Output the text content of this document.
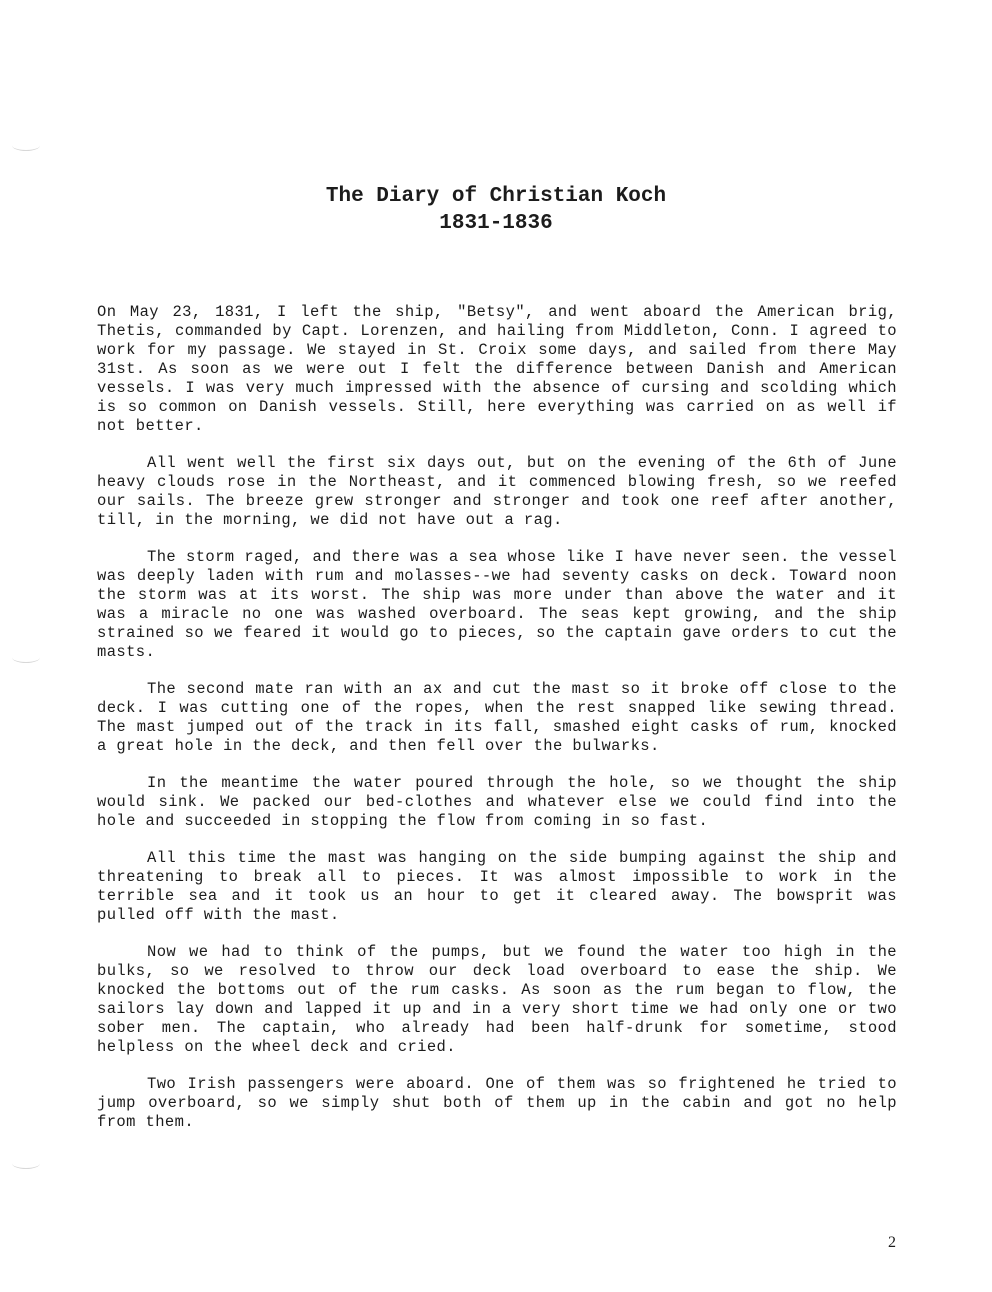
The Diary of Christian Koch
1831-1836

On May 23, 1831, I left the ship, "Betsy", and went aboard the American brig, Thetis, commanded by Capt. Lorenzen, and hailing from Middleton, Conn. I agreed to work for my passage. We stayed in St. Croix some days, and sailed from there May 31st. As soon as we were out I felt the difference between Danish and American vessels. I was very much impressed with the absence of cursing and scolding which is so common on Danish vessels. Still, here everything was carried on as well if not better.

All went well the first six days out, but on the evening of the 6th of June heavy clouds rose in the Northeast, and it commenced blowing fresh, so we reefed our sails. The breeze grew stronger and stronger and took one reef after another, till, in the morning, we did not have out a rag.

The storm raged, and there was a sea whose like I have never seen. the vessel was deeply laden with rum and molasses--we had seventy casks on deck. Toward noon the storm was at its worst. The ship was more under than above the water and it was a miracle no one was washed overboard. The seas kept growing, and the ship strained so we feared it would go to pieces, so the captain gave orders to cut the masts.

The second mate ran with an ax and cut the mast so it broke off close to the deck. I was cutting one of the ropes, when the rest snapped like sewing thread. The mast jumped out of the track in its fall, smashed eight casks of rum, knocked a great hole in the deck, and then fell over the bulwarks.

In the meantime the water poured through the hole, so we thought the ship would sink. We packed our bed-clothes and whatever else we could find into the hole and succeeded in stopping the flow from coming in so fast.

All this time the mast was hanging on the side bumping against the ship and threatening to break all to pieces. It was almost impossible to work in the terrible sea and it took us an hour to get it cleared away. The bowsprit was pulled off with the mast.

Now we had to think of the pumps, but we found the water too high in the bulks, so we resolved to throw our deck load overboard to ease the ship. We knocked the bottoms out of the rum casks. As soon as the rum began to flow, the sailors lay down and lapped it up and in a very short time we had only one or two sober men. The captain, who already had been half-drunk for sometime, stood helpless on the wheel deck and cried.

Two Irish passengers were aboard. One of them was so frightened he tried to jump overboard, so we simply shut both of them up in the cabin and got no help from them.

2
